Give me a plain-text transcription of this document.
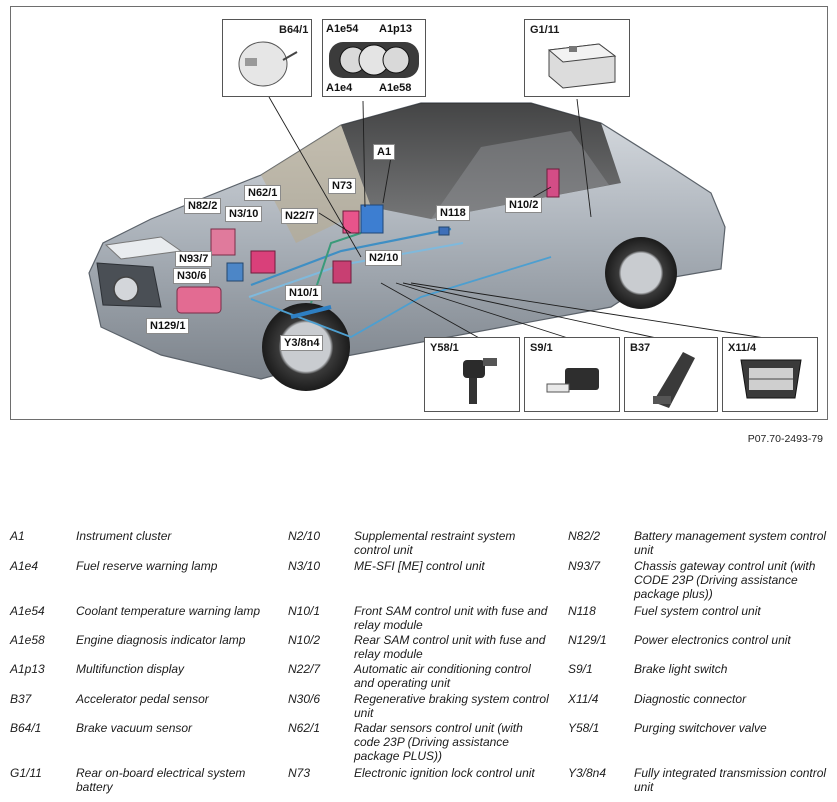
B64/1 A1e54 A1p13
A1e4 A1e58
G1/11
Y58/1	S9/1	B37	X11/4
A1
N73
N62/1
N82/2
N3/10	N22/7
N93/7
N30/6
N2/10
N118
N10/2
N10/1
N129/1
Y3/8n4
P07.70-2493-79
A1	Instrument cluster
A1e4	Fuel reserve warning lamp
A1e54	Coolant temperature warning lamp
A1e58	Engine diagnosis indicator lamp
A1p13	Multifunction display
B37	Accelerator pedal sensor
B64/1	Brake vacuum sensor
G1/11	Rear on-board electrical system battery
N2/10	Supplemental restraint system control unit
N3/10	ME-SFI [ME] control unit
N10/1	Front SAM control unit with fuse and relay module
N10/2	Rear SAM control unit with fuse and relay module
N22/7	Automatic air conditioning control and operating unit
N30/6	Regenerative braking system control unit
N62/1	Radar sensors control unit (with code 23P (Driving assistance package PLUS))
N73	Electronic ignition lock control unit
N82/2	Battery management system control unit
N93/7	Chassis gateway control unit (with CODE 23P (Driving assistance package plus))
N118	Fuel system control unit
N129/1 Power electronics control unit
S9/1	Brake light switch
X11/4	Diagnostic connector
Y58/1	Purging switchover valve
Y3/8n4 Fully integrated transmission control unit
